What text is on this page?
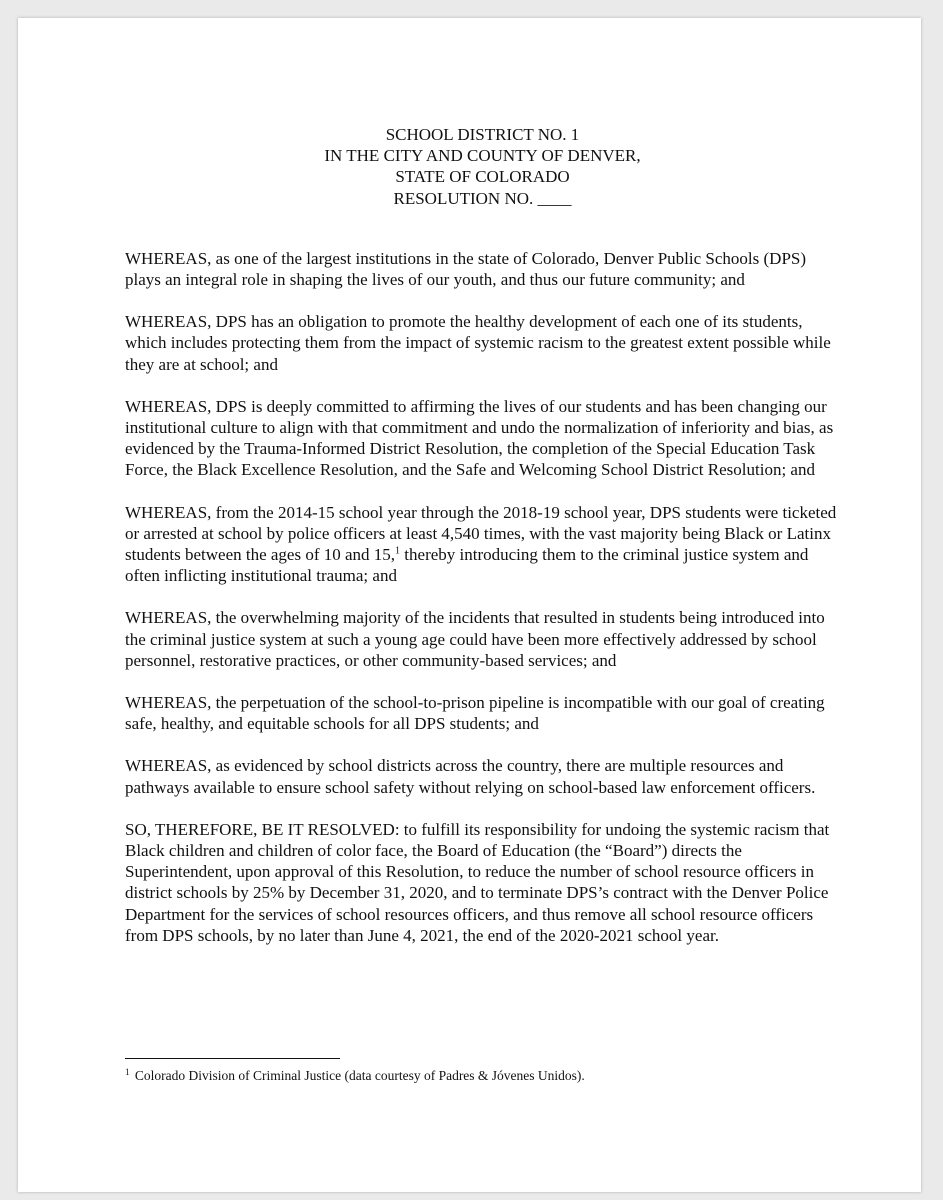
SCHOOL DISTRICT NO. 1
IN THE CITY AND COUNTY OF DENVER,
STATE OF COLORADO
RESOLUTION NO. ____

WHEREAS, as one of the largest institutions in the state of Colorado, Denver Public Schools (DPS) plays an integral role in shaping the lives of our youth, and thus our future community; and

WHEREAS, DPS has an obligation to promote the healthy development of each one of its students, which includes protecting them from the impact of systemic racism to the greatest extent possible while they are at school; and

WHEREAS, DPS is deeply committed to affirming the lives of our students and has been changing our institutional culture to align with that commitment and undo the normalization of inferiority and bias, as evidenced by the Trauma-Informed District Resolution, the completion of the Special Education Task Force, the Black Excellence Resolution, and the Safe and Welcoming School District Resolution; and

WHEREAS, from the 2014-15 school year through the 2018-19 school year, DPS students were ticketed or arrested at school by police officers at least 4,540 times, with the vast majority being Black or Latinx students between the ages of 10 and 15,$^1$ thereby introducing them to the criminal justice system and often inflicting institutional trauma; and

WHEREAS, the overwhelming majority of the incidents that resulted in students being introduced into the criminal justice system at such a young age could have been more effectively addressed by school personnel, restorative practices, or other community-based services; and

WHEREAS, the perpetuation of the school-to-prison pipeline is incompatible with our goal of creating safe, healthy, and equitable schools for all DPS students; and

WHEREAS, as evidenced by school districts across the country, there are multiple resources and pathways available to ensure school safety without relying on school-based law enforcement officers.

SO, THEREFORE, BE IT RESOLVED: to fulfill its responsibility for undoing the systemic racism that Black children and children of color face, the Board of Education (the “Board”) directs the Superintendent, upon approval of this Resolution, to reduce the number of school resource officers in district schools by 25% by December 31, 2020, and to terminate DPS’s contract with the Denver Police Department for the services of school resources officers, and thus remove all school resource officers from DPS schools, by no later than June 4, 2021, the end of the 2020-2021 school year.

$^1$ Colorado Division of Criminal Justice (data courtesy of Padres & Jóvenes Unidos).
